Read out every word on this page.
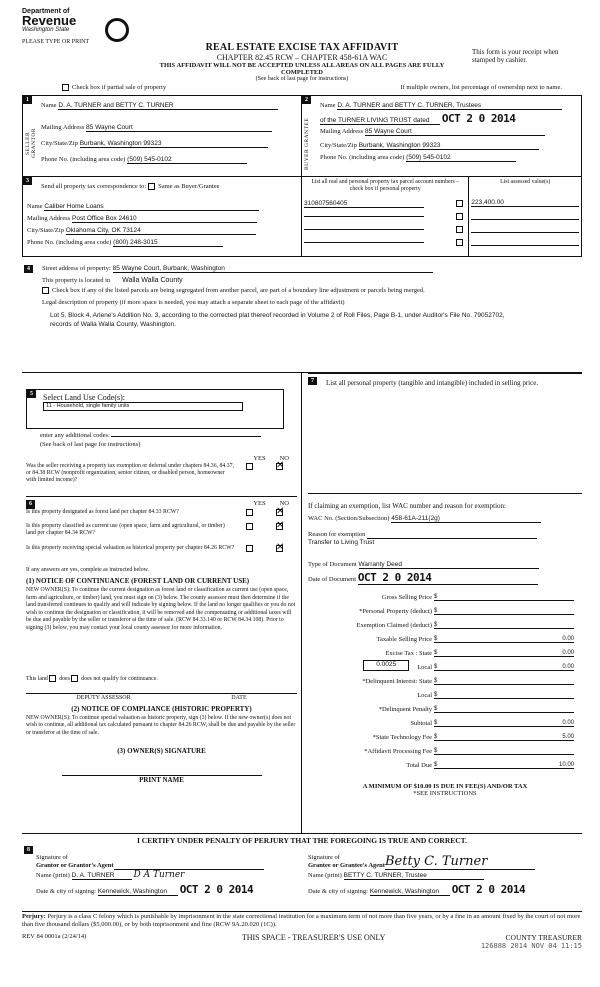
Department of
Revenue
Washington State
PLEASE TYPE OR PRINT	REAL ESTATE EXCISE TAX AFFIDAVIT
CHAPTER 82.45 RCW – CHAPTER 458-61A WAC
THIS AFFIDAVIT WILL NOT BE ACCEPTED UNLESS ALL AREAS ON ALL PAGES ARE FULLY COMPLETED
(See back of last page for instructions)
This form is your receipt when stamped by cashier.
Check box if partial sale of property	If multiple owners, list percentage of ownership next to name.
1
SELLER GRANTOR
Name D. A. TURNER and BETTY C. TURNER
Mailing Address 85 Wayne Court
City/State/Zip Burbank, Washington 99323
Phone No. (including area code) (509) 545-0102
2
BUYER GRANTEE
Name D. A. TURNER and BETTY C. TURNER, Trustees
of the TURNER LIVING TRUST dated OCT 2 0 2014
Mailing Address 85 Wayne Court
City/State/Zip Burbank, Washington 99323
Phone No. (including area code) (509) 545-0102
3
Send all property tax correspondence to: Same as Buyer/Grantee
Name Caliber Home Loans
Mailing Address Post Office Box 24610
City/State/Zip Oklahoma City, OK 73124
Phone No. (including area code) (800) 248-3015
List all real and personal property tax parcel account numbers – check box if personal property
310807560405
List assessed value(s)
223,400.00
4	Street address of property: 85 Wayne Court, Burbank, Washington
This property is located in Walla Walla County
Check box if any of the listed parcels are being segregated from another parcel, are part of a boundary line adjustment or parcels being merged.
Legal description of property (if more space is needed, you may attach a separate sheet to each page of the affidavit)
Lot 5, Block 4, Arlene's Addition No. 3, according to the corrected plat thereof recorded in Volume 2 of Roll Files, Page B-1, under Auditor's File No. 79052702, records of Walla Walla County, Washington.
5	Select Land Use Code(s):
11 - Household, single family units
enter any additional codes:
(See back of last page for instructions)
YES NO
Was the seller receiving a property tax exemption or deferral under chapters 84.36, 84.37, or 84.38 RCW (nonprofit organization, senior citizen, or disabled person, homeowner with limited income)?
✕
6	YES NO
Is this property designated as forest land per chapter 84.33 RCW?
✕
Is this property classified as current use (open space, farm and agricultural, or timber) land per chapter 84.34 RCW?
✕
Is this property receiving special valuation as historical property per chapter 84.26 RCW?
✕
If any answers are yes, complete as instructed below.
(1) NOTICE OF CONTINUANCE (FOREST LAND OR CURRENT USE)
NEW OWNER(S): To continue the current designation as forest land or classification as current use (open space, farm and agriculture, or timber) land, you must sign on (3) below. The county assessor must then determine if the land transferred continues to qualify and will indicate by signing below. If the land no longer qualifies or you do not wish to continue the designation or classification, it will be removed and the compensating or additional taxes will be due and payable by the seller or transferor at the time of sale. (RCW 84.33.140 or RCW 84.34.108). Prior to signing (3) below, you may contact your local county assessor for more information.
This land does does not qualify for continuance.
DEPUTY ASSESSOR	DATE
(2) NOTICE OF COMPLIANCE (HISTORIC PROPERTY)
NEW OWNER(S): To continue special valuation as historic property, sign (3) below. If the new owner(s) does not wish to continue, all additional tax calculated pursuant to chapter 84.26 RCW, shall be due and payable by the seller or transferor at the time of sale.
(3) OWNER(S) SIGNATURE
PRINT NAME
7	List all personal property (tangible and intangible) included in selling price.
If claiming an exemption, list WAC number and reason for exemption:
WAC No. (Section/Subsection) 458-61A-211(2g)
Reason for exemption
Transfer to Living Trust
Type of Document Warranty Deed
Date of Document OCT 2 0 2014
Gross Selling Price $
*Personal Property (deduct) $
Exemption Claimed (deduct) $
Taxable Selling Price $	0.00
Excise Tax : State $	0.00
0.0025	Local $	0.00
*Delinquent Interest: State $
Local $
*Delinquent Penalty $
Subtotal $	0.00
*State Technology Fee $	5.00
*Affidavit Processing Fee $
Total Due $	10.00
A MINIMUM OF $10.00 IS DUE IN FEE(S) AND/OR TAX
*SEE INSTRUCTIONS
8
I CERTIFY UNDER PENALTY OF PERJURY THAT THE FOREGOING IS TRUE AND CORRECT.
Signature of
Grantor or Grantor's Agent
Name (print) D. A. TURNER D A Turner
Date & city of signing: Kennewick, Washington OCT 2 0 2014
Signature of
Grantee or Grantee's Agent Betty C. Turner
Name (print) BETTY C. TURNER, Trustee
Date & city of signing: Kennewick, Washington OCT 2 0 2014
Perjury: Perjury is a class C felony which is punishable by imprisonment in the state correctional institution for a maximum term of not more than five years, or by a fine in an amount fixed by the court of not more than five thousand dollars ($5,000.00), or by both imprisonment and fine (RCW 9A.20.020 (1C)).
REV 84 0001a (2/24/14)	THIS SPACE - TREASURER'S USE ONLY	COUNTY TREASURER
126888 2014 NOV 04 11:15
